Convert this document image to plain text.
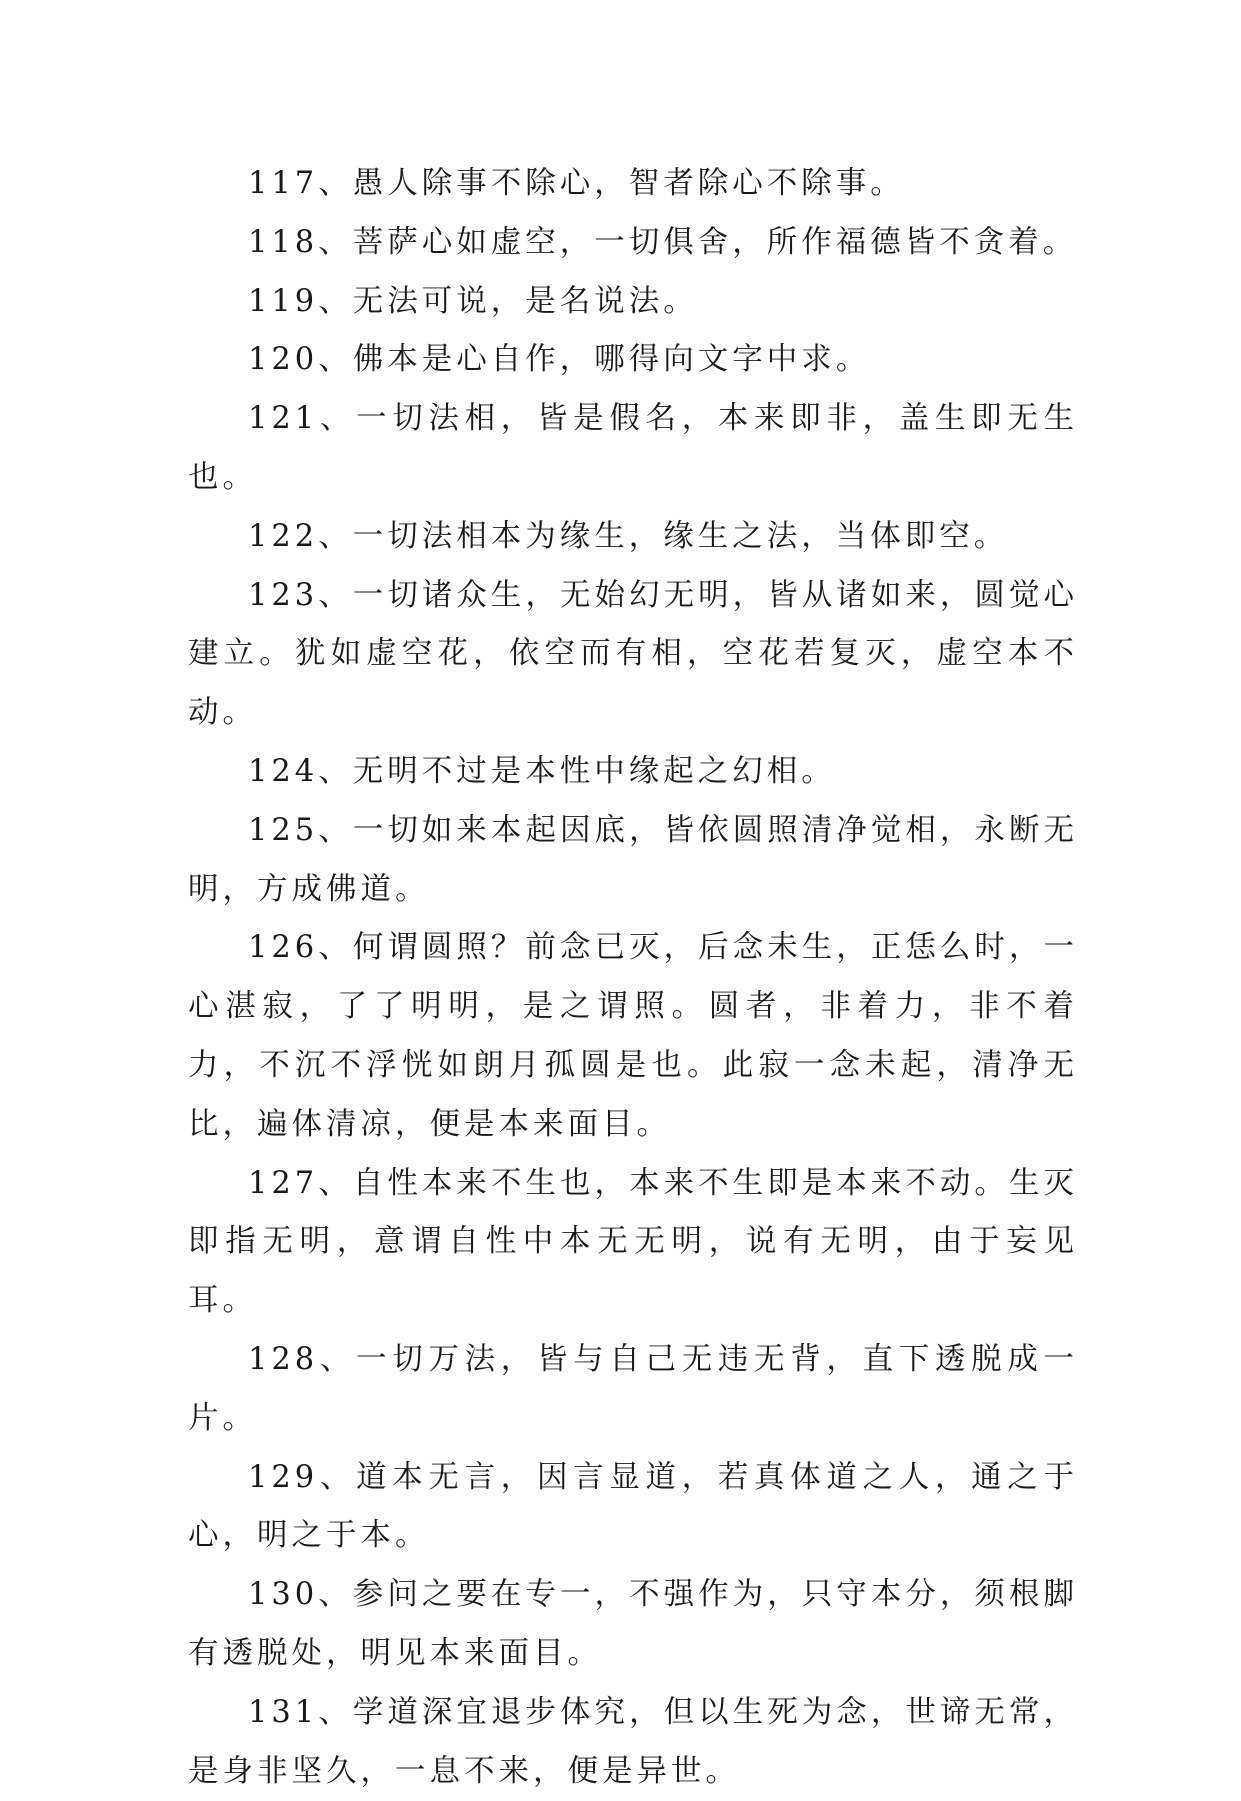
117、愚人除事不除心，智者除心不除事。

118、菩萨心如虚空，一切俱舍，所作福德皆不贪着。

119、无法可说，是名说法。

120、佛本是心自作，哪得向文字中求。

121、一切法相，皆是假名，本来即非，盖生即无生也。

122、一切法相本为缘生，缘生之法，当体即空。

123、一切诸众生，无始幻无明，皆从诸如来，圆觉心建立。犹如虚空花，依空而有相，空花若复灭，虚空本不动。

124、无明不过是本性中缘起之幻相。

125、一切如来本起因底，皆依圆照清净觉相，永断无明，方成佛道。

126、何谓圆照？前念已灭，后念未生，正恁么时，一心湛寂，了了明明，是之谓照。圆者，非着力，非不着力，不沉不浮恍如朗月孤圆是也。此寂一念未起，清净无比，遍体清凉，便是本来面目。

127、自性本来不生也，本来不生即是本来不动。生灭即指无明，意谓自性中本无无明，说有无明，由于妄见耳。

128、一切万法，皆与自己无违无背，直下透脱成一片。

129、道本无言，因言显道，若真体道之人，通之于心，明之于本。

130、参问之要在专一，不强作为，只守本分，须根脚有透脱处，明见本来面目。

131、学道深宜退步体究，但以生死为念，世谛无常，是身非坚久，一息不来，便是异世。
